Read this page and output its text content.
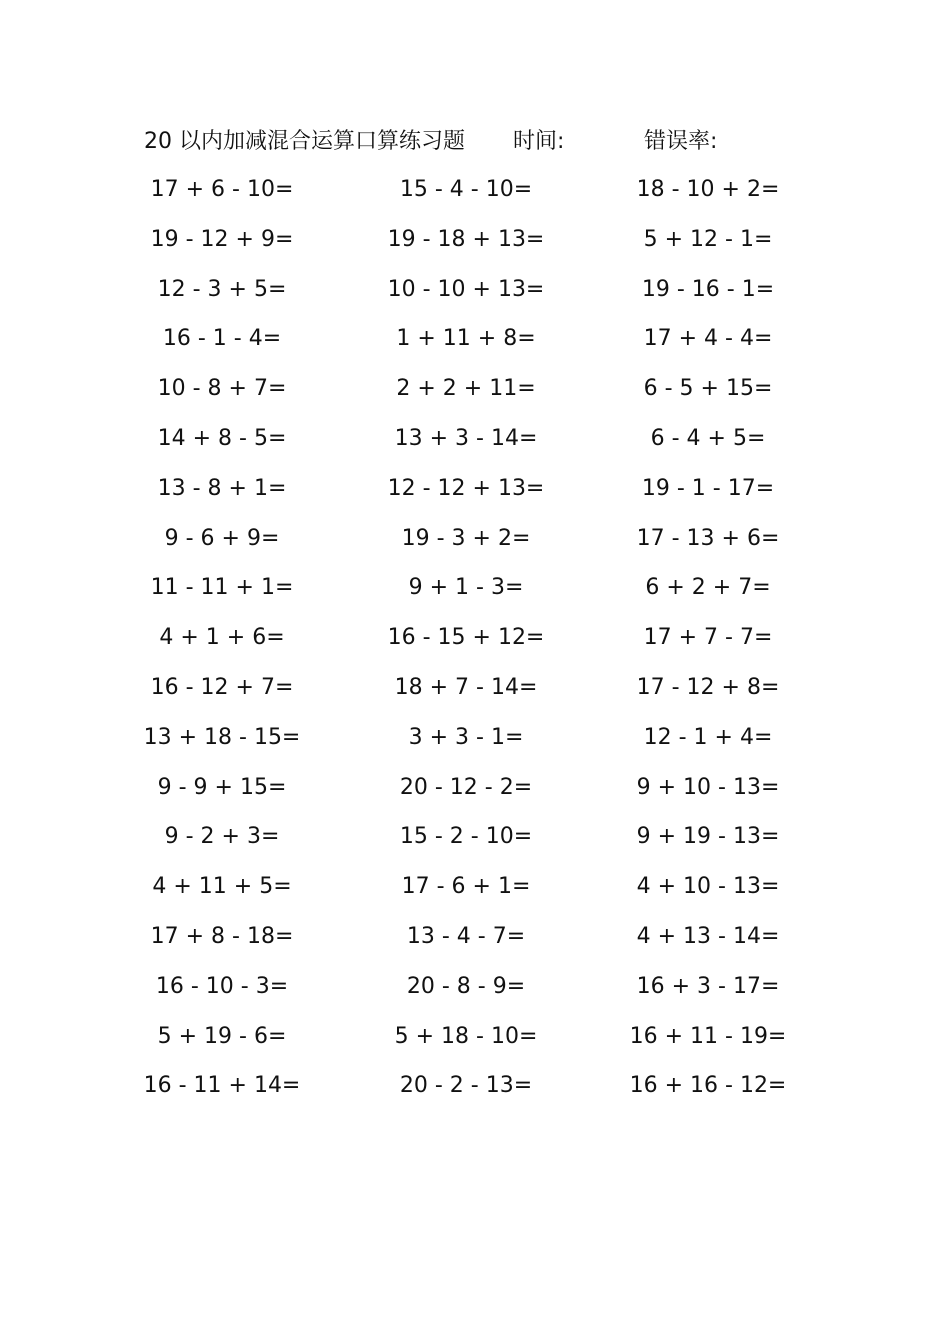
20 以内加减混合运算口算练习题 时间:	错误率:
17 + 6 - 10=	15 - 4 - 10=	18 - 10 + 2=
19 - 12 + 9=	19 - 18 + 13=	5 + 12 - 1=
12 - 3 + 5=	10 - 10 + 13=	19 - 16 - 1=
16 - 1 - 4=	1 + 11 + 8=	17 + 4 - 4=
10 - 8 + 7=	2 + 2 + 11=	6 - 5 + 15=
14 + 8 - 5=	13 + 3 - 14=	6 - 4 + 5=
13 - 8 + 1=	12 - 12 + 13=	19 - 1 - 17=
9 - 6 + 9=	19 - 3 + 2=	17 - 13 + 6=
11 - 11 + 1=	9 + 1 - 3=	6 + 2 + 7=
4 + 1 + 6=	16 - 15 + 12=	17 + 7 - 7=
16 - 12 + 7=	18 + 7 - 14=	17 - 12 + 8=
13 + 18 - 15=	3 + 3 - 1=	12 - 1 + 4=
9 - 9 + 15=	20 - 12 - 2=	9 + 10 - 13=
9 - 2 + 3=	15 - 2 - 10=	9 + 19 - 13=
4 + 11 + 5=	17 - 6 + 1=	4 + 10 - 13=
17 + 8 - 18=	13 - 4 - 7=	4 + 13 - 14=
16 - 10 - 3=	20 - 8 - 9=	16 + 3 - 17=
5 + 19 - 6=	5 + 18 - 10=	16 + 11 - 19=
16 - 11 + 14=	20 - 2 - 13=	16 + 16 - 12=
